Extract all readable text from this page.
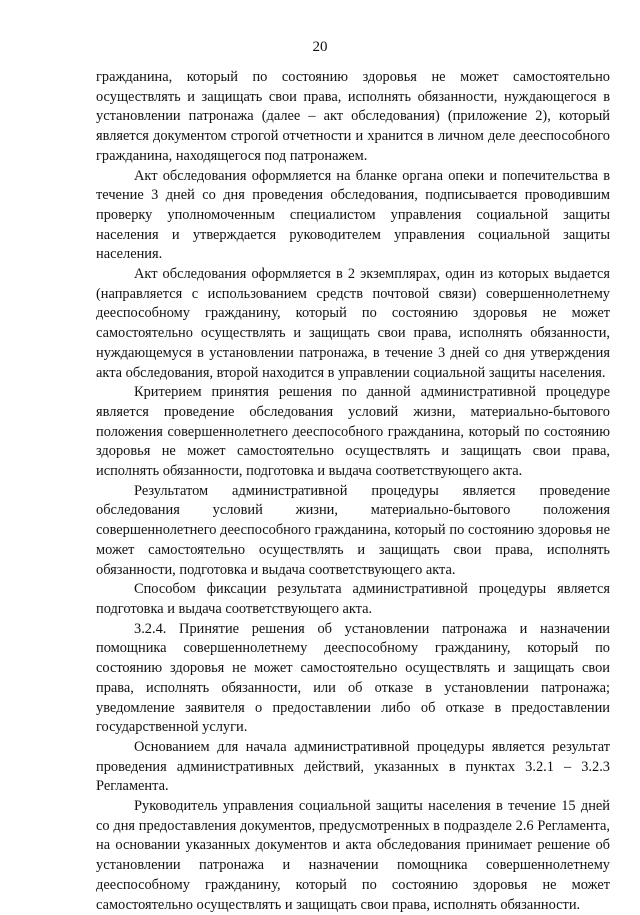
20

гражданина, который по состоянию здоровья не может самостоятельно осуществлять и защищать свои права, исполнять обязанности, нуждающегося в установлении патронажа (далее – акт обследования) (приложение 2), который является документом строгой отчетности и хранится в личном деле дееспособного гражданина, находящегося под патронажем.

Акт обследования оформляется на бланке органа опеки и попечительства в течение 3 дней со дня проведения обследования, подписывается проводившим проверку уполномоченным специалистом управления социальной защиты населения и утверждается руководителем управления социальной защиты населения.

Акт обследования оформляется в 2 экземплярах, один из которых выдается (направляется с использованием средств почтовой связи) совершеннолетнему дееспособному гражданину, который по состоянию здоровья не может самостоятельно осуществлять и защищать свои права, исполнять обязанности, нуждающемуся в установлении патронажа, в течение 3 дней со дня утверждения акта обследования, второй находится в управлении социальной защиты населения.

Критерием принятия решения по данной административной процедуре является проведение обследования условий жизни, материально-бытового положения совершеннолетнего дееспособного гражданина, который по состоянию здоровья не может самостоятельно осуществлять и защищать свои права, исполнять обязанности, подготовка и выдача соответствующего акта.

Результатом административной процедуры является проведение обследования условий жизни, материально-бытового положения совершеннолетнего дееспособного гражданина, который по состоянию здоровья не может самостоятельно осуществлять и защищать свои права, исполнять обязанности, подготовка и выдача соответствующего акта.

Способом фиксации результата административной процедуры является подготовка и выдача соответствующего акта.

3.2.4. Принятие решения об установлении патронажа и назначении помощника совершеннолетнему дееспособному гражданину, который по состоянию здоровья не может самостоятельно осуществлять и защищать свои права, исполнять обязанности, или об отказе в установлении патронажа; уведомление заявителя о предоставлении либо об отказе в предоставлении государственной услуги.

Основанием для начала административной процедуры является результат проведения административных действий, указанных в пунктах 3.2.1 – 3.2.3 Регламента.

Руководитель управления социальной защиты населения в течение 15 дней со дня предоставления документов, предусмотренных в подразделе 2.6 Регламента, на основании указанных документов и акта обследования принимает решение об установлении патронажа и назначении помощника совершеннолетнему дееспособному гражданину, который по состоянию здоровья не может самостоятельно осуществлять и защищать свои права, исполнять обязанности.
